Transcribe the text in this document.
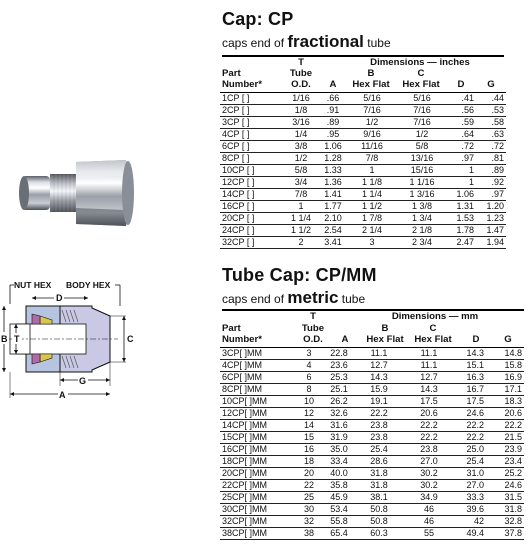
NUT HEX BODY HEX
D
B T	C
G
A
Cap: CP
caps end of fractional tube
T	Dimensions — inches
Part	Tube	B	C
Number*	O.D.	A	Hex Flat	Hex Flat	D	G
1CP [ ]	1/16	.66	5/16	5/16	.41	.44
2CP [ ]	1/8	.91	7/16	7/16	.56	.53
3CP [ ]	3/16	.89	1/2	7/16	.59	.58
4CP [ ]	1/4	.95	9/16	1/2	.64	.63
6CP [ ]	3/8	1.06	11/16	5/8	.72	.72
8CP [ ]	1/2	1.28	7/8	13/16	.97	.81
10CP [ ]	5/8	1.33	1	15/16	1	.89
12CP [ ]	3/4	1.36	1 1/8	1 1/16	1	.92
14CP [ ]	7/8	1.41	1 1/4	1 3/16	1.06	.97
16CP [ ]	1	1.77	1 1/2	1 3/8	1.31	1.20
20CP [ ]	1 1/4	2.10	1 7/8	1 3/4	1.53	1.23
24CP [ ]	1 1/2	2.54	2 1/4	2 1/8	1.78	1.47
32CP [ ]	2	3.41	3	2 3/4	2.47	1.94
Tube Cap: CP/MM
caps end of metric tube
T	Dimensions — mm
Part	Tube	B	C
Number*	O.D.	A	Hex Flat	Hex Flat	D	G
3CP[ ]MM	3	22.8	11.1	11.1	14.3	14.8
4CP[ ]MM	4	23.6	12.7	11.1	15.1	15.8
6CP[ ]MM	6	25.3	14.3	12.7	16.3	16.9
8CP[ ]MM	8	25.1	15.9	14.3	16.7	17.1
10CP[ ]MM	10	26.2	19.1	17.5	17.5	18.3
12CP[ ]MM	12	32.6	22.2	20.6	24.6	20.6
14CP[ ]MM	14	31.6	23.8	22.2	22.2	22.2
15CP[ ]MM	15	31.9	23.8	22.2	22.2	21.5
16CP[ ]MM	16	35.0	25.4	23.8	25.0	23.9
18CP[ ]MM	18	33.4	28.6	27.0	25.4	23.4
20CP[ ]MM	20	40.0	31.8	30.2	31.0	25.2
22CP[ ]MM	22	35.8	31.8	30.2	27.0	24.6
25CP[ ]MM	25	45.9	38.1	34.9	33.3	31.5
30CP[ ]MM	30	53.4	50.8	46	39.6	31.8
32CP[ ]MM	32	55.8	50.8	46	42	32.8
38CP[ ]MM	38	65.4	60.3	55	49.4	37.8
